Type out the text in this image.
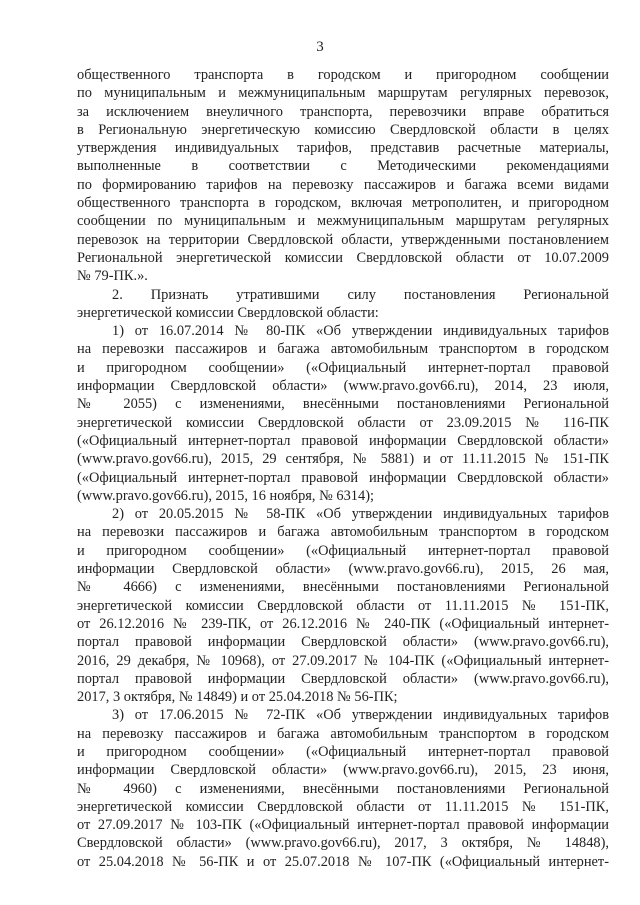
3
общественного транспорта в городском и пригородном сообщении
по муниципальным и межмуниципальным маршрутам регулярных перевозок,
за исключением внеуличного транспорта, перевозчики вправе обратиться
в Региональную энергетическую комиссию Свердловской области в целях
утверждения индивидуальных тарифов, представив расчетные материалы,
выполненные в соответствии с Методическими рекомендациями
по формированию тарифов на перевозку пассажиров и багажа всеми видами
общественного транспорта в городском, включая метрополитен, и пригородном
сообщении по муниципальным и межмуниципальным маршрутам регулярных
перевозок на территории Свердловской области, утвержденными постановлением
Региональной энергетической комиссии Свердловской области от 10.07.2009
№ 79-ПК.».
2. Признать утратившими силу постановления Региональной
энергетической комиссии Свердловской области:
1) от 16.07.2014 № 80-ПК «Об утверждении индивидуальных тарифов
на перевозки пассажиров и багажа автомобильным транспортом в городском
и пригородном сообщении» («Официальный интернет-портал правовой
информации Свердловской области» (www.pravo.gov66.ru), 2014, 23 июля,
№ 2055) с изменениями, внесёнными постановлениями Региональной
энергетической комиссии Свердловской области от 23.09.2015 № 116-ПК
(«Официальный интернет-портал правовой информации Свердловской области»
(www.pravo.gov66.ru), 2015, 29 сентября, № 5881) и от 11.11.2015 № 151-ПК
(«Официальный интернет-портал правовой информации Свердловской области»
(www.pravo.gov66.ru), 2015, 16 ноября, № 6314);
2) от 20.05.2015 № 58-ПК «Об утверждении индивидуальных тарифов
на перевозки пассажиров и багажа автомобильным транспортом в городском
и пригородном сообщении» («Официальный интернет-портал правовой
информации Свердловской области» (www.pravo.gov66.ru), 2015, 26 мая,
№ 4666) с изменениями, внесёнными постановлениями Региональной
энергетической комиссии Свердловской области от 11.11.2015 № 151-ПК,
от 26.12.2016 № 239-ПК, от 26.12.2016 № 240-ПК («Официальный интернет-
портал правовой информации Свердловской области» (www.pravo.gov66.ru),
2016, 29 декабря, № 10968), от 27.09.2017 № 104-ПК («Официальный интернет-
портал правовой информации Свердловской области» (www.pravo.gov66.ru),
2017, 3 октября, № 14849) и от 25.04.2018 № 56-ПК;
3) от 17.06.2015 № 72-ПК «Об утверждении индивидуальных тарифов
на перевозку пассажиров и багажа автомобильным транспортом в городском
и пригородном сообщении» («Официальный интернет-портал правовой
информации Свердловской области» (www.pravo.gov66.ru), 2015, 23 июня,
№ 4960) с изменениями, внесёнными постановлениями Региональной
энергетической комиссии Свердловской области от 11.11.2015 № 151-ПК,
от 27.09.2017 № 103-ПК («Официальный интернет-портал правовой информации
Свердловской области» (www.pravo.gov66.ru), 2017, 3 октября, № 14848),
от 25.04.2018 № 56-ПК и от 25.07.2018 № 107-ПК («Официальный интернет-
